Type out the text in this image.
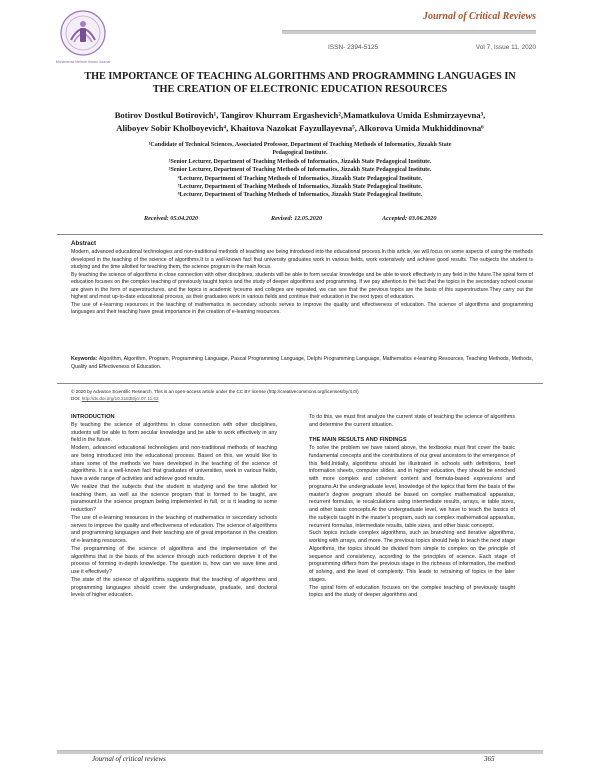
Mohammad Mehedi Hasan Journal
Journal of Critical Reviews
ISSN- 2394-5125	Vol 7, Issue 11, 2020
THE IMPORTANCE OF TEACHING ALGORITHMS AND PROGRAMMING LANGUAGES IN
THE CREATION OF ELECTRONIC EDUCATION RESOURCES
Botirov Dostkul Botirovich¹, Tangirov Khurram Ergashevich²,Mamatkulova Umida Eshmirzayevna³,
Aliboyev Sobir Kholboyevich⁴, Khaitova Nazokat Fayzullayevna⁵, Alkorova Umida Mukhiddinovna⁶
¹Candidate of Technical Sciences, Associated Professor, Department of Teaching Methods of Informatics, Jizzakh State
Pedagogical Institute.
²Senior Lecturer, Department of Teaching Methods of Informatics, Jizzakh State Pedagogical Institute.
³Senior Lecturer, Department of Teaching Methods of Informatics, Jizzakh State Pedagogical Institute.
⁴Lecturer, Department of Teaching Methods of Informatics, Jizzakh State Pedagogical Institute.
⁵Lecturer, Department of Teaching Methods of Informatics, Jizzakh State Pedagogical Institute.
⁶Lecturer, Department of Teaching Methods of Informatics, Jizzakh State Pedagogical Institute.
Received: 05.04.2020	Revised: 12.05.2020	Accepted: 03.06.2020
Abstract

Modern, advanced educational technologies and non-traditional methods of teaching are being introduced into the educational process.In this article, we will focus on some aspects of using the methods developed in the teaching of the science of algorithms.It is a well-known fact that university graduates work in various fields, work extensively and achieve good results. The subjects the student is studying and the time allotted for teaching them, the science program is the main focus.

By teaching the science of algorithms in close connection with other disciplines, students will be able to form secular knowledge and be able to work effectively in any field in the future.The spiral form of education focuses on the complex teaching of previously taught topics and the study of deeper algorithms and programming. If we pay attention to the fact that the topics in the secondary school course are given in the form of superstructures, and the topics in academic lyceums and colleges are repeated, we can see that the previous topics are the basis of this superstructure.They carry out the highest and most up-to-date educational process, as their graduates work in various fields and continue their education in the next types of education.

The use of e-learning resources in the teaching of mathematics in secondary schools serves to improve the quality and effectiveness of education. The science of algorithms and programming languages and their teaching have great importance in the creation of e-learning resources.

Keywords: Algorithm, Algorithm, Program, Programming Language, Pascal Programming Language, Delphi Programming Language, Mathematics e-learning Resources, Teaching Methods, Methods, Quality and Effectiveness of Education.
© 2020 by Advance Scientific Research. This is an open-access article under the CC BY license (http://creativecommons.org/licenses/by/4.0/)
DOI: http://dx.doi.org/10.31838/jcr.07.11.63
INTRODUCTION

By teaching the science of algorithms in close connection with other disciplines, students will be able to form secular knowledge and be able to work effectively in any field in the future.

Modern, advanced educational technologies and non-traditional methods of teaching are being introduced into the educational process. Based on this, we would like to share some of the methods we have developed in the teaching of the science of algorithms. It is a well-known fact that graduates of universities, work in various fields, have a wide range of activities and achieve good results.

We realize that the subjects that the student is studying and the time allotted for teaching them, as well as the science program that is formed to be taught, are paramount.Is the science program being implemented in full, or is it leading to some reduction?

The use of e-learning resources in the teaching of mathematics in secondary schools serves to improve the quality and effectiveness of education. The science of algorithms and programming languages and their teaching are of great importance in the creation of e-learning resources.

The programming of the science of algorithms and the implementation of the algorithms that is the basis of the science through such reductions deprive it of the process of forming in-depth knowledge. The question is, how can we save time and use it effectively?

The state of the science of algorithms suggests that the teaching of algorithms and programming languages should cover the undergraduate, graduate, and doctoral levels of higher education.

To do this, we must first analyze the current state of teaching the science of algorithms and determine the current situation.

THE MAIN RESULTS AND FINDINGS

To solve the problem we have raised above, the textbooks must first cover the basic fundamental concepts and the contributions of our great ancestors to the emergence of this field.Initially, algorithms should be illustrated in schools with definitions, brief information sheets, computer slides, and in higher education, they should be enriched with more complex and coherent content and formula-based expressions and programs.At the undergraduate level, knowledge of the topics that form the basis of the master's degree program should be based on complex mathematical apparatus, recurrent formulas, ie recalculations using intermediate results, arrays, ie table sizes, and other basic concepts.At the undergraduate level, we have to teach the basics of the subjects taught in the master's program, such as complex mathematical apparatus, recurrent formulas, intermediate results, table sizes, and other basic concepts.

Such topics include complex algorithms, such as branching and iterative algorithms, working with arrays, and more. The previous topics should help to teach the next stage Algorithms, the topics should be divided from simple to complex on the principle of sequence and consistency, according to the principles of science. Each stage of programming differs from the previous stage in the richness of information, the method of solving, and the level of complexity. This leads to retraining of topics in the later stages.

The spiral form of education focuses on the complex teaching of previously taught topics and the study of deeper algorithms and

Journal of critical reviews	365
